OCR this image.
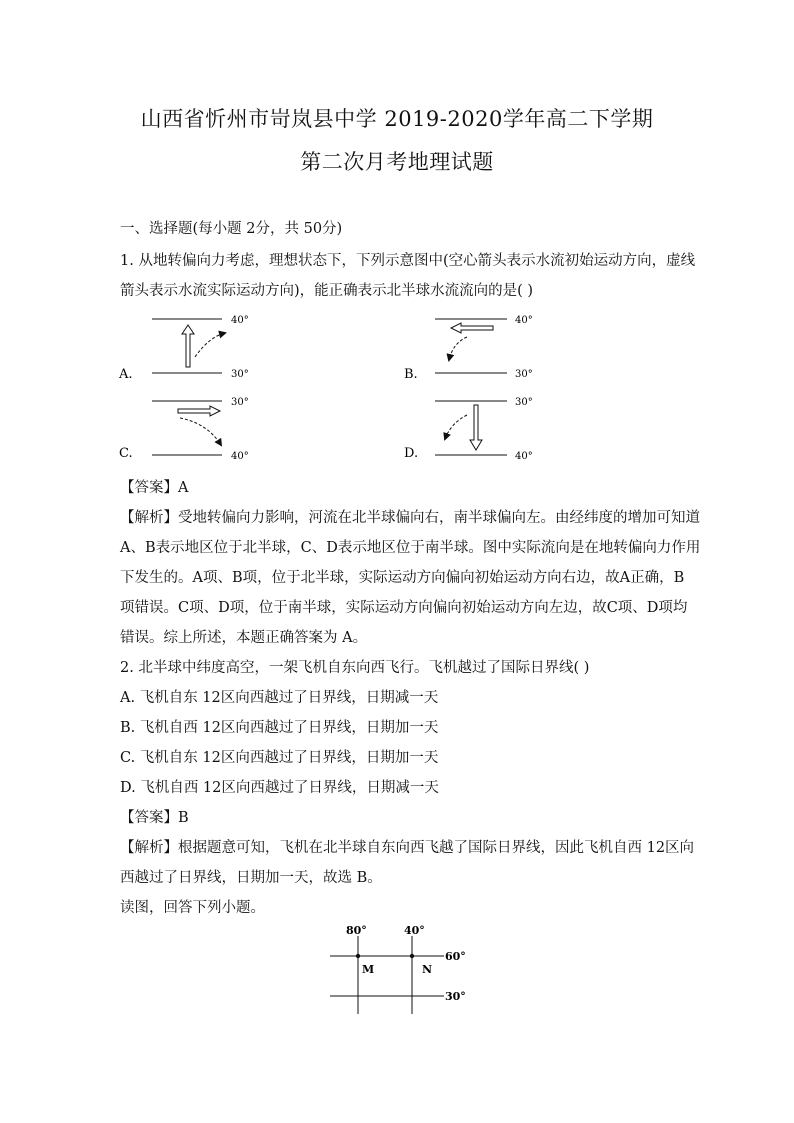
山西省忻州市岢岚县中学 2019-2020学年高二下学期
第二次月考地理试题
一、选择题(每小题 2分，共 50分)
1. 从地转偏向力考虑，理想状态下，下列示意图中(空心箭头表示水流初始运动方向，虚线
箭头表示水流实际运动方向)，能正确表示北半球水流流向的是( )
A.
40°
30°	B.
40°
30°
C.
30°
40°	D.
30°
40°
【答案】A
【解析】受地转偏向力影响，河流在北半球偏向右，南半球偏向左。由经纬度的增加可知道
A、B表示地区位于北半球，C、D表示地区位于南半球。图中实际流向是在地转偏向力作用
下发生的。A项、B项，位于北半球，实际运动方向偏向初始运动方向右边，故A正确，B
项错误。C项、D项，位于南半球，实际运动方向偏向初始运动方向左边，故C项、D项均
错误。综上所述，本题正确答案为 A。
2. 北半球中纬度高空，一架飞机自东向西飞行。飞机越过了国际日界线( )
A. 飞机自东 12区向西越过了日界线，日期减一天
B. 飞机自西 12区向西越过了日界线，日期加一天
C. 飞机自东 12区向西越过了日界线，日期加一天
D. 飞机自西 12区向西越过了日界线，日期减一天
【答案】B
【解析】根据题意可知，飞机在北半球自东向西飞越了国际日界线，因此飞机自西 12区向
西越过了日界线，日期加一天，故选 B。
读图，回答下列小题。
80°	40°
60°
30°
M	N
